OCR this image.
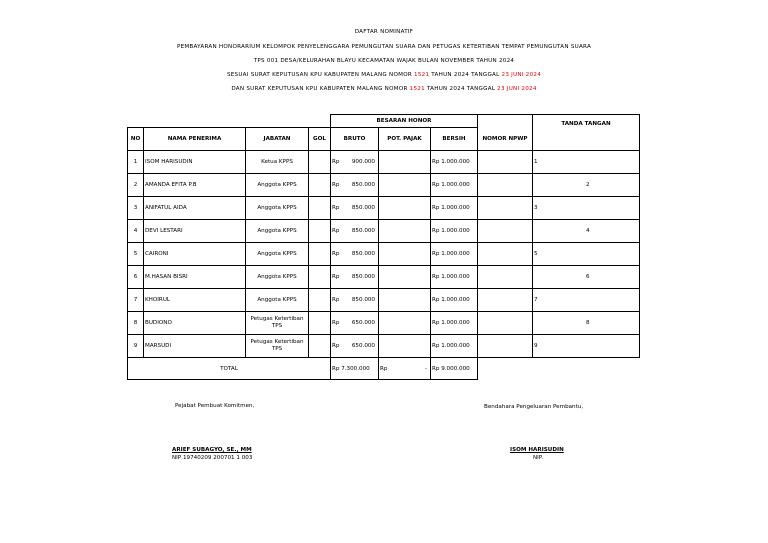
DAFTAR NOMINATIF
PEMBAYARAN HONORARIUM KELOMPOK PENYELENGGARA PEMUNGUTAN SUARA DAN PETUGAS KETERTIBAN TEMPAT PEMUNGUTAN SUARA
TPS 001 DESA/KELURAHAN BLAYU KECAMATAN WAJAK BULAN NOVEMBER TAHUN 2024
SESUAI SURAT KEPUTUSAN KPU KABUPATEN MALANG NOMOR 1521 TAHUN 2024 TANGGAL 23 JUNI 2024
DAN SURAT KEPUTUSAN KPU KABUPATEN MALANG NOMOR 1521 TAHUN 2024 TANGGAL 23 JUNI 2024
				BESARAN HONOR				TANDA TANGAN
NO	NAMA PENERIMA	JABATAN	GOL	BRUTO	POT. PAJAK	BERSIH	NOMOR NPWP	
1	ISOM HARISUDIN	Ketua KPPS		Rp 900.000		Rp 1.000.000		1

2	AMANDA EFITA P.B	Anggota KPPS		Rp 850.000		Rp 1.000.000		2

3	ANIFATUL AIDA	Anggota KPPS		Rp 850.000		Rp 1.000.000		3

4	DEVI LESTARI	Anggota KPPS		Rp 850.000		Rp 1.000.000		4

5	CAIRONI	Anggota KPPS		Rp 850.000		Rp 1.000.000		5

6	M.HASAN BISRI	Anggota KPPS		Rp 850.000		Rp 1.000.000		6

7	KHOIRUL	Anggota KPPS		Rp 850.000		Rp 1.000.000		7

8	BUDIONO	Petugas Ketertiban TPS		Rp 650.000		Rp 1.000.000		8

9	MARSUDI	Petugas Ketertiban TPS		Rp 650.000		Rp 1.000.000		9

TOTAL				Rp 7.300.000	Rp -	Rp 9.000.000		
Pejabat Pembuat Komitmen,	Bendahara Pengeluaran Pembantu,
ARIEF SUBAGYO, SE., MM
NIP 19740209 200701 1 003
ISOM HARISUDIN
NIP.
